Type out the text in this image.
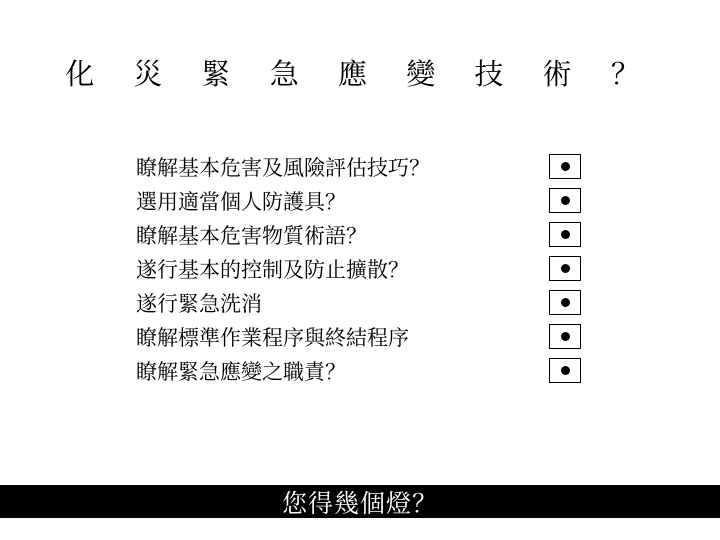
化 災 緊 急 應 變 技 術 ？
瞭解基本危害及風險評估技巧？
選用適當個人防護具？
瞭解基本危害物質術語？
遂行基本的控制及防止擴散？
遂行緊急洗消
瞭解標準作業程序與終結程序
瞭解緊急應變之職責？
您得幾個燈？
